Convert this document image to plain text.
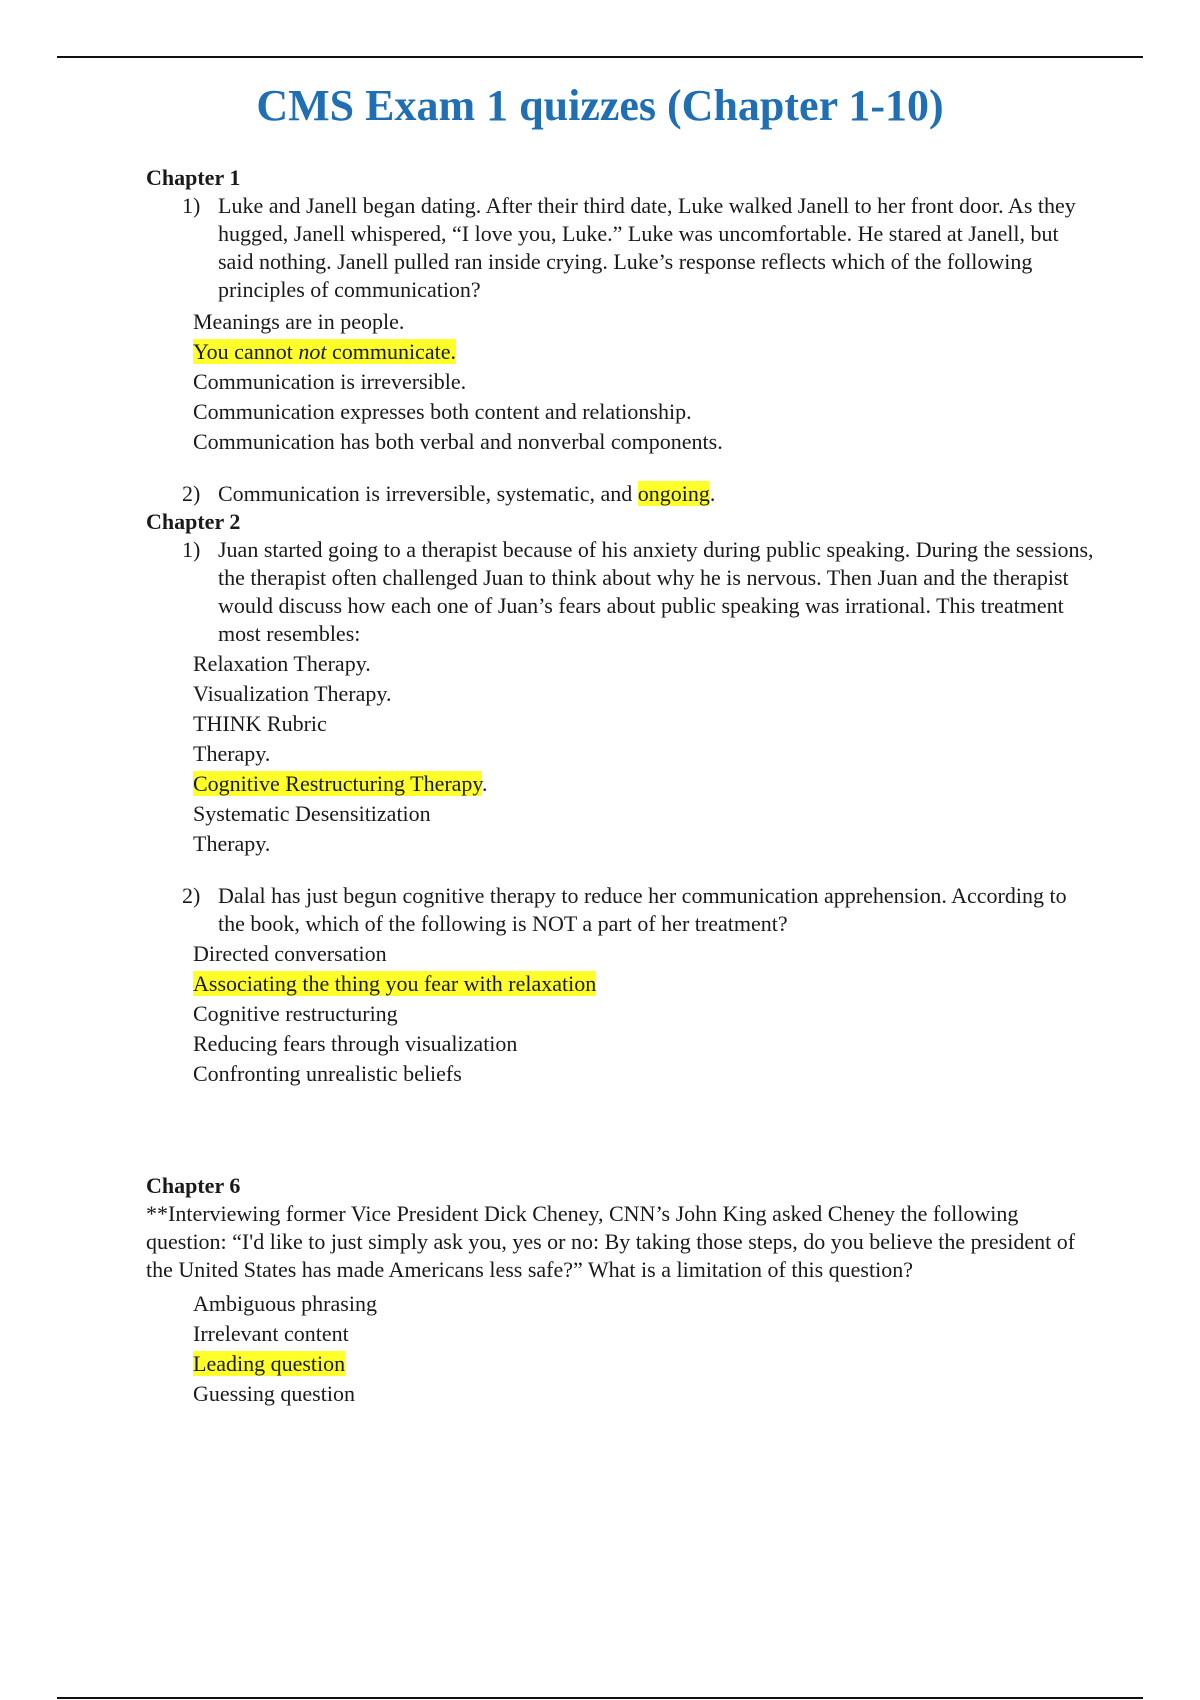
CMS Exam 1 quizzes (Chapter 1-10)
Chapter 1
1) Luke and Janell began dating. After their third date, Luke walked Janell to her front door. As they hugged, Janell whispered, “I love you, Luke.” Luke was uncomfortable. He stared at Janell, but said nothing. Janell pulled ran inside crying. Luke’s response reflects which of the following principles of communication?
Meanings are in people.
You cannot not communicate.
Communication is irreversible.
Communication expresses both content and relationship.
Communication has both verbal and nonverbal components.
2) Communication is irreversible, systematic, and ongoing.
Chapter 2
1) Juan started going to a therapist because of his anxiety during public speaking. During the sessions, the therapist often challenged Juan to think about why he is nervous. Then Juan and the therapist would discuss how each one of Juan’s fears about public speaking was irrational. This treatment most resembles:
Relaxation Therapy.
Visualization Therapy.
THINK Rubric
Therapy.
Cognitive Restructuring Therapy.
Systematic Desensitization
Therapy.
2) Dalal has just begun cognitive therapy to reduce her communication apprehension. According to the book, which of the following is NOT a part of her treatment?
Directed conversation
Associating the thing you fear with relaxation
Cognitive restructuring
Reducing fears through visualization
Confronting unrealistic beliefs
Chapter 6
**Interviewing former Vice President Dick Cheney, CNN’s John King asked Cheney the following question: “I'd like to just simply ask you, yes or no: By taking those steps, do you believe the president of the United States has made Americans less safe?” What is a limitation of this question?
Ambiguous phrasing
Irrelevant content
Leading question
Guessing question
